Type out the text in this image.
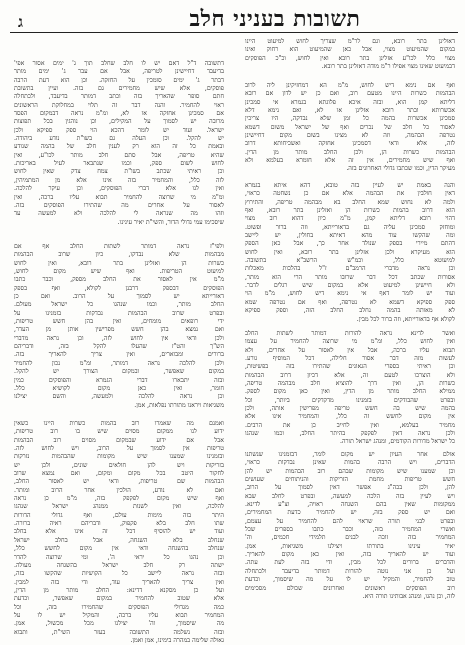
ג	תשובות בעניני חלב
דאולינן בתר רובא, וגם לר"מ שצריך לחוש למיעוט היינו
במקום שהמיעוט מצוי, אבל כאן שהמיעוט הוא רחוק ואינו
מצוי כלל לכו"ע אזלינן בתר רובא ואין לחוש, וכ"כ הפוסקים
דבמיעוט שאינו מצוי אפילו ר"מ מודה דאזלינן בתר רובא.
ואף אם נימא דיש לחוש, מ"מ הא דמחזיקינן ליה לרוב
הבהמות כשרות היינו מטעם רוב, ואם כן יש לדון אם רובא
דליתא קמן הוא, ובזה איכא פלוגתא בגמרא אי סמכינן
אכשרותא ובתר רובא אזלינן או לא, ואם נימא דלא
סמכינן אכשרות בהמה כל זמן שלא נבדקה, היו צריכין
לאסור כל חלב של נכרים ואף של ישראל משום דשמא
נטרפה הבהמה, וזה לא מצינו בשום מקום דחיישינן
לזה, אלא ודאי דסמכינן אחזקה ואשכיחותא דרוב
הבהמות כשרות הן, ולכן החלב מותר מן הדין.
ואף שיש מחמירים, אין זה אלא חומרא בעלמא ולא
מעיקר הדין, וכמו שכתבו גדולי האחרונים בזה.
והנה באמת יש לעיין בזה טובא, דהא איתא בגמרא
דאין חולבין את הבהמה אלא אם כן נשחטה כראוי,
ולמה לא נחוש שמא החלב בא מבהמה טריפה, והתירוץ
הוא דרוב בהמות כשרות הן ואזלינן בתר רובא, ואף
דהוי רובא דליתא קמן, מ"מ כיון דהוא רוב מצוי
ומוחזק סמכינן עליה גם בדאורייתא, וזה ברור ופשוט.
ומה שהקשו עוד מהא דאיתא בחולין, יש ליישב
דהתם מיירי בספק שנולד אחר כך, אבל כאן הספק
הוא מעיקרא ולכן אזלינן בתר רובא, ואין לחוש
למיעוטא כלל, וכמ"ש הרשב"א בתשובה.
וכן נראה מדברי הרמב"ם ז"ל בהלכות מאכלות
אסורות שכתב דכל דבר שרובו מותר הרי הוא מותר,
ולא חיישינן למיעוט אלא במקום שיש רגלים לדבר.
ועוד יש לומר דאף אי נימא דיש לחוש, מ"מ הוי
ספק ספיקא דשמא לא נטרפה, ואף אם נטרפה שמא
לא מאותה בהמה נחלב החלב הזה, וספק ספיקא
לקולא אף בדאורייתא, וזה ברור לכל מבין.
ואשר לדינא נראה להורות דמותר לשתות החלב
ואין לחוש כלל, ומ"מ מי שרוצה להחמיר על עצמו
תבוא עליו ברכה, אבל אין לאסור על אחרים, ולא
לעשות מזה דבר אסור חלילה, דכל המוסיף גורע.
וכן ראיתי בספרי הגאונים שהתירו בזה בפשיטות,
ולא הוצרכו לטעם זה, אלא דכיון דרוב הבהמות
כשרות הן, ואין דרך להוציא חלב מבהמה טריפה,
ממילא החלב מותר מן הדין, ואין כאן מקום לספק.
ובפרט שהבודקים בזמנינו מדקדקים ביותר, וכל
בהמה שיש בה חשש טריפה מפרישין אותה, ולכן
אין מקום לחשש זה כלל, והמחמיר אינו אלא
מחמיר בעלמא, ואין לחייב כן את הרבים.
ולכן נראה דאין לפקפק בהיתר החלב, וכמו שנהגו
כל ישראל מדורות הקודמים, ומנהג ישראל תורה.
אולם אחר העיון יש מקום לומר, דבזמנינו שנשתנו
הדברים, ויש הרבה בהמות שאינן נבדקות כראוי,
וכן שמענו שיש מקומות שבהם רוב הבהמות יש להן
חשש טריפות מחמת הזריקות והניתוחים שעושים
להן, ולכן בכה"ג אפשר דאין לסמוך על הרוב,
ויש לעיין בזה הלכה למעשה, ובפרט לחלב שבא
ממקומות שאין בהם השגחה ראויה, וצ"ע לדינא.
ואם יש ספק בזה, יש להחמיר כדעת המחמירים,
ובפרט לבני תורה שראוי להם להחמיר על עצמם,
ואשרי המחמיר בזה, וכבר כתבו בספרים שכל
המחמיר בזה זוכה לבנים תלמידי חכמים, וה'
יאיר עינינו בתורתו ויצילנו משגיאות, אמן.
ועוד יש להאריך בזה, ואין כאן מקום להאריך.
והדברים ברורים לכל מבין, ודי בזה לעת עתה.
ועל כן אני נוטה להורות דמותר בדיעבד ולכתחלה
טוב להחמיר, והמקיל יש לו על מה שיסמוך, וכדעת
רוב הפוסקים ראשונים ואחרונים שכולם מסכימים
לזה, וכן נהגו, ומנהג אבותינו תורה היא.
דתשובה ד"ל דאם יש לו חלב שחלב תוך ג' ימים אסור אפי'
בדיעבד דחיישינן לטריפה, אבל אם עבר ג' ימים מותר
דבתר ג' ימים סומכין על החזקה. וכן הוא דעת הרבה
פוסקים, אלא שיש מחמירים גם בזה. ועיין בתשובת
חתם סופר שהאריך בזה וכתב דמותר בדיעבד, ולכתחלה
ראוי להחמיר. והנה דבר זה תלוי במחלוקת הראשונים
אם סמכינן אחזקה או לא, ומ"מ נראה דבמקום הפסד
מרובה יש לסמוך על המקילים, וכן נוהגין בכל תפוצות
ישראל. ועוד יש לומר דהכא הוי ספק ספיקא ולכן
יש להקל. וכן העלה גם בשו"ת נודע ביהודה.
ובאמת כל זה הוא רק לענין חלב של בהמה שנודע
שהיא טריפה, אבל סתם חלב מותר לכו"ע, ואין
לחוש לשום ספק, וכמו שנתבאר לעיל באריכות.
וכן ראיתי שכתב בשו"ת צמח צדק שאין לחוש
לזה כלל, והמחמיר בזה אינו אלא מן המתמיהין,
ואין לנו אלא דברי הפוסקים, וכן עיקר להלכה.
ומ"מ מי שרוצה להחמיר תבוא עליו ברכה, ואין
לאסור על אחרים מה שהתירו הפוסקים בזה.
וזהו מה שנראה לי להלכה ולא למעשה עד
שיסכימו עמי גדולי הדור, והשי"ת יאיר עינינו.
ולפי"ז נראה דמותר לשתות החלב אף אם
מבהמות שלא נבדקו, כיון שרוב הבהמות
כשרות הן ואזלינן בתר רובא, ואין לחוש
למיעוט הטריפות. ואף שיש מקום לחוש,
מ"מ אין לאסור את החלב מספק, וכבר כתבו
הפוסקים דבספק דרבנן לקולא, ואף בספק
דאורייתא יש לסמוך על הרוב. ואם כן
החלב מותר, וכמו שנהגו כל ישראל מעולם.
ובפרט שרוב הבהמות נבדקות בזמנינו על
ידי רופאים מומחים, ואין בהן חשש טריפות,
ואם נמצא בהן חשש מפרישין אותן מן העדר,
ולכן ודאי אין לחוש לזה, וכן נראה מדברי
הש"ך והט"ז שהעלו להקל בזה, ודבריהם
ברורים ומבוארים, ואין צריך להאריך בזה.
ולכן להלכה נראה דמותר, ומ"מ נכון להחמיר
במקום שאפשר, ובמקום הצורך יש להקל.
ובזה יתבארו דברי הגמרא והפוסקים כמין
חומר, ואין כאן מקום לקושיא כלל.
וכן נראה להלכה ולמעשה, והשם יצילנו
משגיאות ויראנו מתורתו נפלאות, אמן.
ואמנם מה שאמרו רוב בהמות כשרות היינו כשאין
ידוע לנו ממקום מסוים שיש בו רוב טריפות,
אבל אם ידוע שבמקום מסוים רוב הבהמות
טריפות אין לסמוך על הרוב, ויש לחוש לזה.
ובזמנינו שמענו שיש מקומות שהבהמות נזרקות
בזריקות ויש להן חולאים שונים, ולכן יש
לחקור היטב בכל מקום ומקום, ואם נמצא שרוב
הבהמות שם טריפות, ודאי יש לאסור החלב,
ואם לא נודע, הולכין אחר הרוב ומותר.
ואף שיש מקום לפקפק בזה, מ"מ כן נראה
להלכה, ואין לשנות ממנהג ישראל שנהגו
היתר בזה מימות עולם, ואף גדולי הדורות
שתו חלב בלא פקפוק, ודבריהם ראיה ברורה.
ועוד יש להוסיף דכל זה אינו אלא בחלב
שנחלב בלא השגחה, אבל בחלב ישראל
שנחלב בהשגחה ודאי אין מקום לחשש כלל,
וכן נהגו כל יראי ה', ומי שרוצה להדר
ישתה רק חלב ישראל בהשגחה מעולה.
ובזה נראה ליישב כל הקושיות שהקשו בזה,
ואין צריך להאריך עוד, ודי בזה למבין.
ועל כן מסקנא דדינא: החלב מותר מן הדין,
אלא שטוב להחמיר במקום שאפשר, וכדעת
כמה מגדולי הפוסקים שהחמירו בזה, וכל
המחמיר תבוא עליו ברכה, והמקיל יש לו על
מה שיסמוך, וה' יצילנו מכל מכשול, אמן.
ובזה נשלמה התשובה בעזר השי"ת, ותבוא
גאולה שלימה במהרה בימינו, אמן ואמן.
